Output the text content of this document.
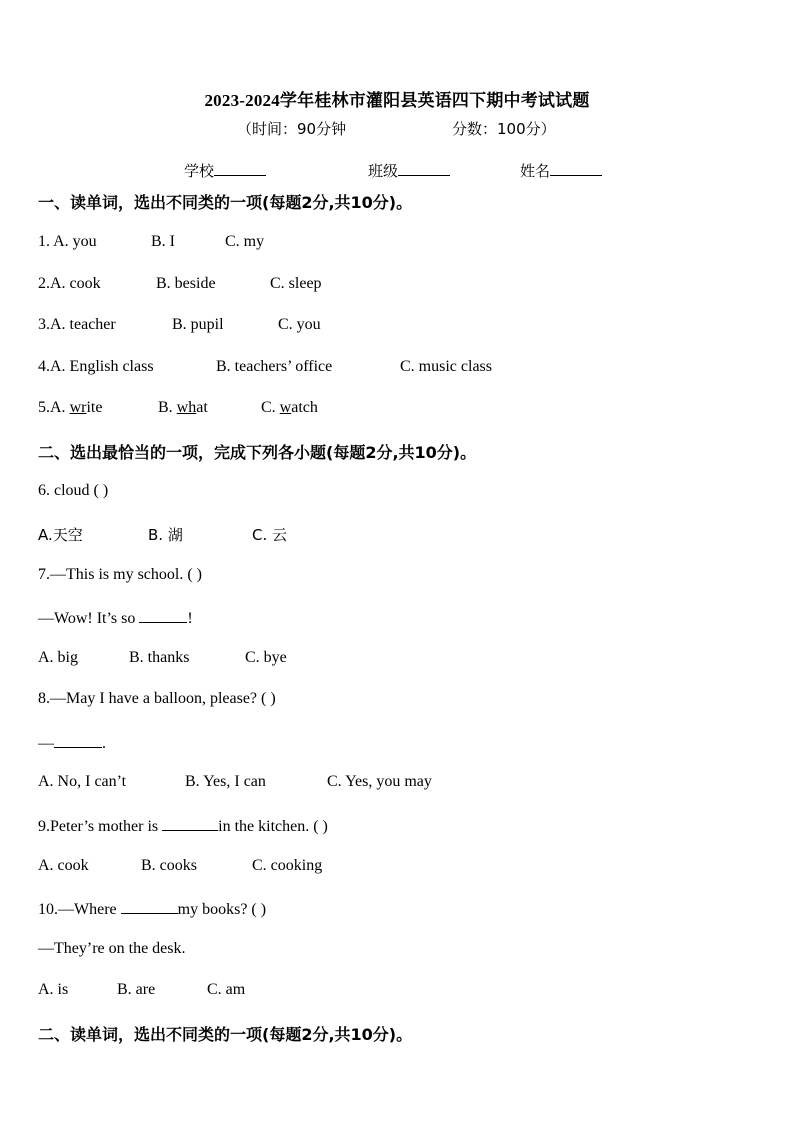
2023-2024学年桂林市灌阳县英语四下期中考试试题
（时间：90分钟	分数：100分）
学校	班级	姓名
一、读单词，选出不同类的一项(每题2分,共10分)。
1. A. you	B. I	C. my
2.A. cook	B. beside	C. sleep
3.A. teacher	B. pupil	C. you
4.A. English class	B. teachers’ office	C. music class
5.A. write	B. what	C. watch
二、选出最恰当的一项，完成下列各小题(每题2分,共10分)。
6. cloud ( )
A.天空	B. 湖	C. 云
7.—This is my school. ( )
—Wow! It’s so	!
A. big	B. thanks	C. bye
8.—May I have a balloon, please? ( )
—	.
A. No, I can’t	B. Yes, I can	C. Yes, you may
9.Peter’s mother is	in the kitchen. ( )
A. cook	B. cooks	C. cooking
10.—Where	my books? ( )
—They’re on the desk.
A. is	B. are	C. am
二、读单词，选出不同类的一项(每题2分,共10分)。
